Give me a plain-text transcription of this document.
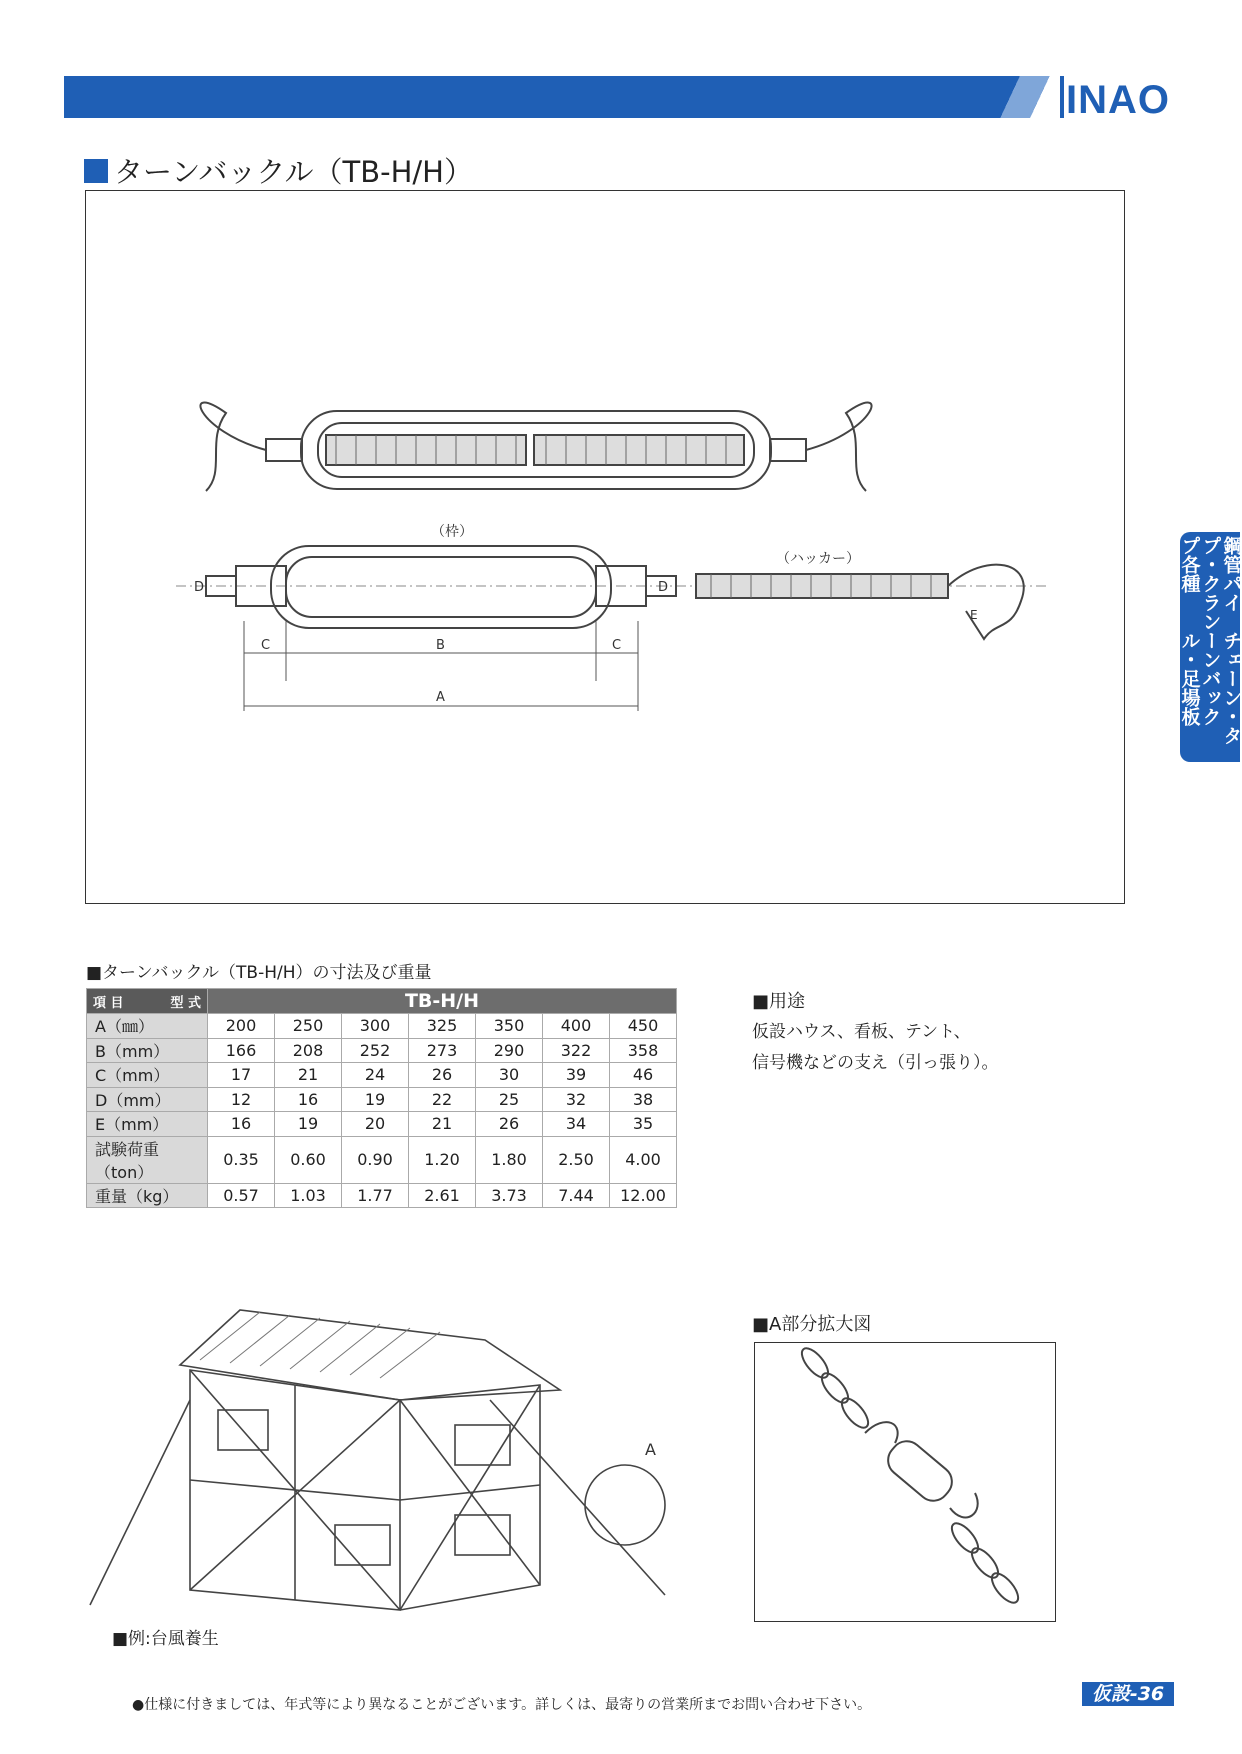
INAO
ターンバックル（TB-H/H）
鋼管パイプ・クランプ各種
チェーン・ターンバックル・足場板
（枠）
（ハッカー）
D	D
E
C	B	C
A
■ターンバックル（TB-H/H）の寸法及び重量
項 目 型 式	TB-H/H						
A（㎜）	200	250	300	325	350	400	450
B（mm）	166	208	252	273	290	322	358
C（mm）	17	21	24	26	30	39	46
D（mm）	12	16	19	22	25	32	38
E（mm）	16	19	20	21	26	34	35
試験荷重（ton）	0.35	0.60	0.90	1.20	1.80	2.50	4.00
重量（kg）	0.57	1.03	1.77	2.61	3.73	7.44	12.00
■用途
仮設ハウス、看板、テント、
信号機などの支え（引っ張り）。
A
■例:台風養生
■A部分拡大図
●仕様に付きましては、年式等により異なることがございます。詳しくは、最寄りの営業所までお問い合わせ下さい。	仮設-36
